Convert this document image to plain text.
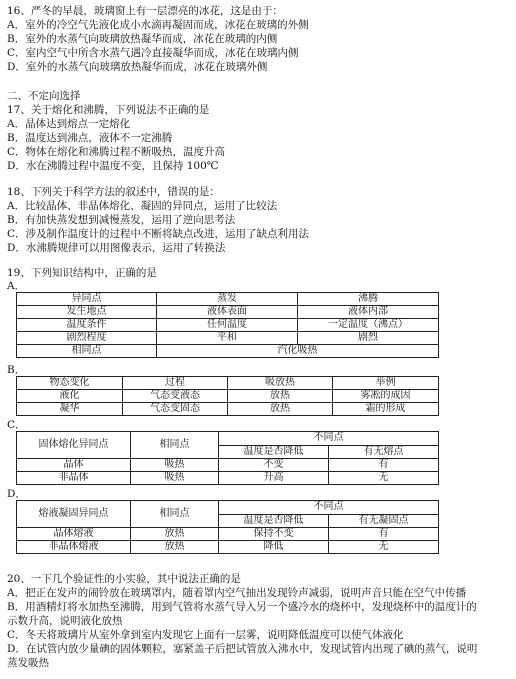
16、严冬的早晨，玻璃窗上有一层漂亮的冰花，这是由于：
A．室外的冷空气先液化成小水滴再凝固而成，冰花在玻璃的外侧
B．室外的水蒸气向玻璃放热凝华而成，冰花在玻璃的内侧
C．室内空气中所含水蒸气遇冷直接凝华而成，冰花在玻璃内侧
D．室外的水蒸气向玻璃放热凝华而成，冰花在玻璃外侧
二、不定向选择
17、关于熔化和沸腾，下列说法不正确的是
A．晶体达到熔点一定熔化
B．温度达到沸点，液体不一定沸腾
C．物体在熔化和沸腾过程不断吸热，温度升高
D．水在沸腾过程中温度不变，且保持 100℃
18、下列关于科学方法的叙述中，错误的是：
A．比较晶体、非晶体熔化、凝固的异同点，运用了比较法
B．有加快蒸发想到减慢蒸发，运用了逆向思考法
C．涉及制作温度计的过程中不断将缺点改进，运用了缺点利用法
D．水沸腾规律可以用图像表示，运用了转换法
19、下列知识结构中，正确的是
A．
异同点	蒸发	沸腾
发生地点	液体表面	液体内部
温度条件	任何温度	一定温度（沸点）
剧烈程度	平和	剧烈
相同点	汽化吸热	
B．
物态变化	过程	吸放热	举例
液化	气态变液态	放热	雾凇的成因
凝华	气态变固态	放热	霜的形成
C．
固体熔化异同点	相同点	不同点	
		温度是否降低	有无熔点
晶体	吸热	不变	有
非晶体	吸热	升高	无
D．
熔液凝固异同点	相同点	不同点	
		温度是否降低	有无凝固点
晶体熔液	放热	保持不变	有
非晶体熔液	放热	降低	无
20、一下几个验证性的小实验，其中说法正确的是
A．把正在发声的闹铃放在玻璃罩内，随着罩内空气抽出发现铃声减弱，说明声音只能在空气中传播
B．用酒精灯将水加热至沸腾，用到气管将水蒸气导入另一个盛冷水的烧杯中，发现烧杯中的温度计的
示数升高，说明液化放热
C．冬天将玻璃片从室外拿到室内发现它上面有一层雾，说明降低温度可以使气体液化
D．在试管内放少量碘的固体颗粒，塞紧盖子后把试管放入沸水中，发现试管内出现了碘的蒸气，说明
蒸发吸热
